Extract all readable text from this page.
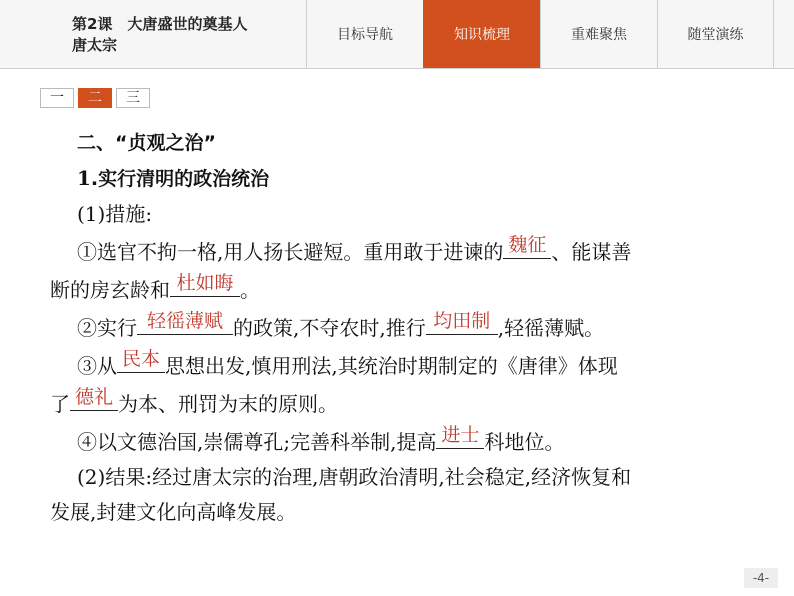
第2课　大唐盛世的奠基人
唐太宗
目标导航	知识梳理	重难聚焦	随堂演练
一	二	三

二、“贞观之治”

1.实行清明的政治统治

(1)措施:

①选官不拘一格,用人扬长避短。重用敢于进谏的 魏征 、能谋善

断的房玄龄和 杜如晦 。

②实行 轻徭薄赋 的政策,不夺农时,推行 均田制 ,轻徭薄赋。

③从 民本 思想出发,慎用刑法,其统治时期制定的《唐律》体现

了 德礼 为本、刑罚为末的原则。

④以文德治国,崇儒尊孔;完善科举制,提高 进士 科地位。

(2)结果:经过唐太宗的治理,唐朝政治清明,社会稳定,经济恢复和

发展,封建文化向高峰发展。

-4-
